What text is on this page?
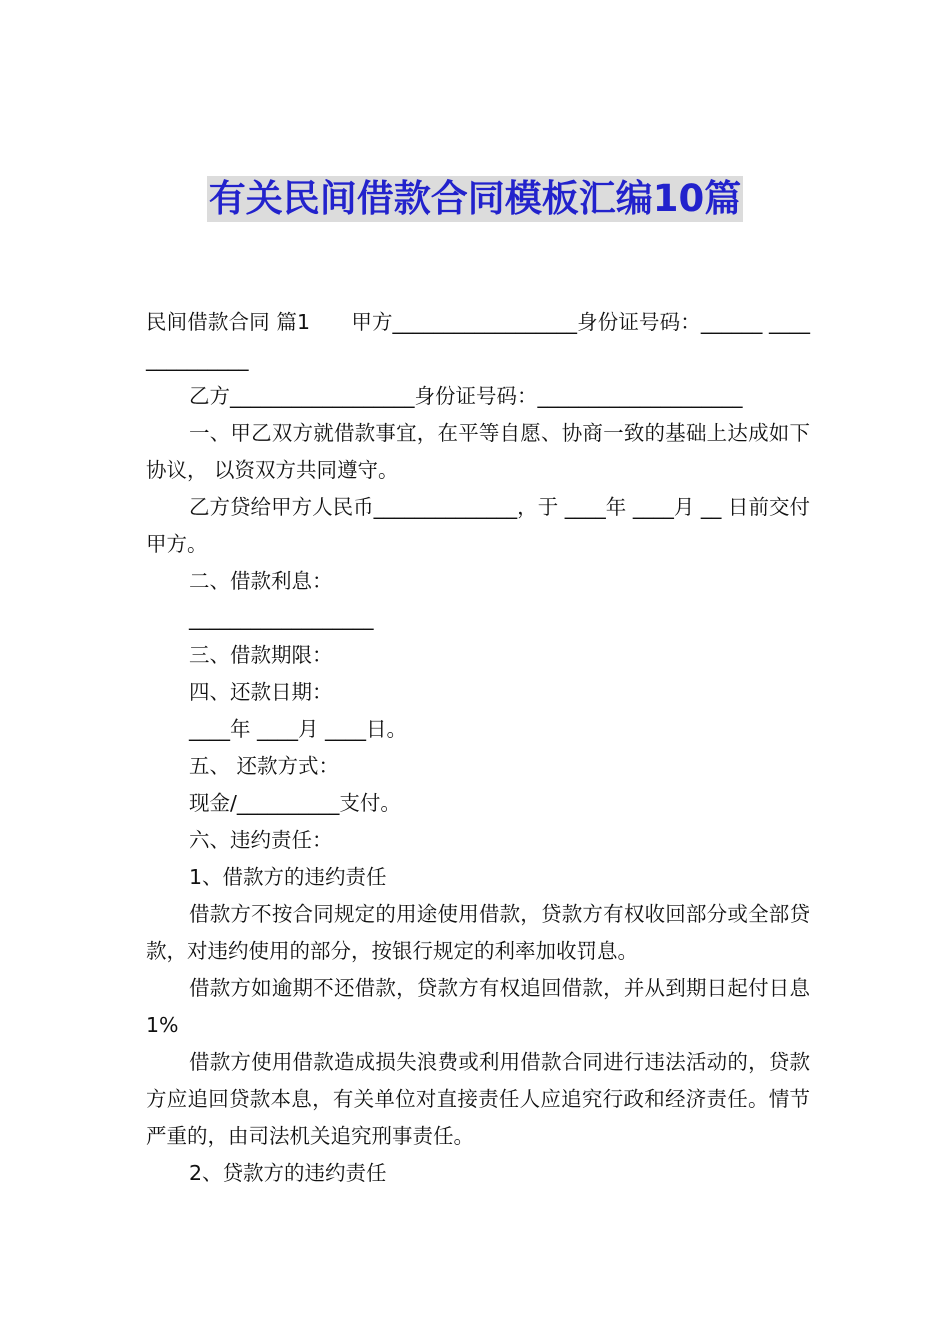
有关民间借款合同模板汇编10篇

民间借款合同 篇1　　甲方__________________身份证号码：______ ______________

乙方__________________身份证号码：____________________

一、甲乙双方就借款事宜，在平等自愿、协商一致的基础上达成如下协议， 以资双方共同遵守。

乙方贷给甲方人民币______________，于 ____年 ____月 __ 日前交付甲方。

二、借款利息：

__________________

三、借款期限：

四、还款日期：

____年 ____月 ____日。

五、 还款方式：

现金/__________支付。

六、违约责任：

1、借款方的违约责任

借款方不按合同规定的用途使用借款，贷款方有权收回部分或全部贷款，对违约使用的部分，按银行规定的利率加收罚息。

借款方如逾期不还借款，贷款方有权追回借款，并从到期日起付日息1%

借款方使用借款造成损失浪费或利用借款合同进行违法活动的，贷款方应追回贷款本息，有关单位对直接责任人应追究行政和经济责任。情节严重的，由司法机关追究刑事责任。

2、贷款方的违约责任
